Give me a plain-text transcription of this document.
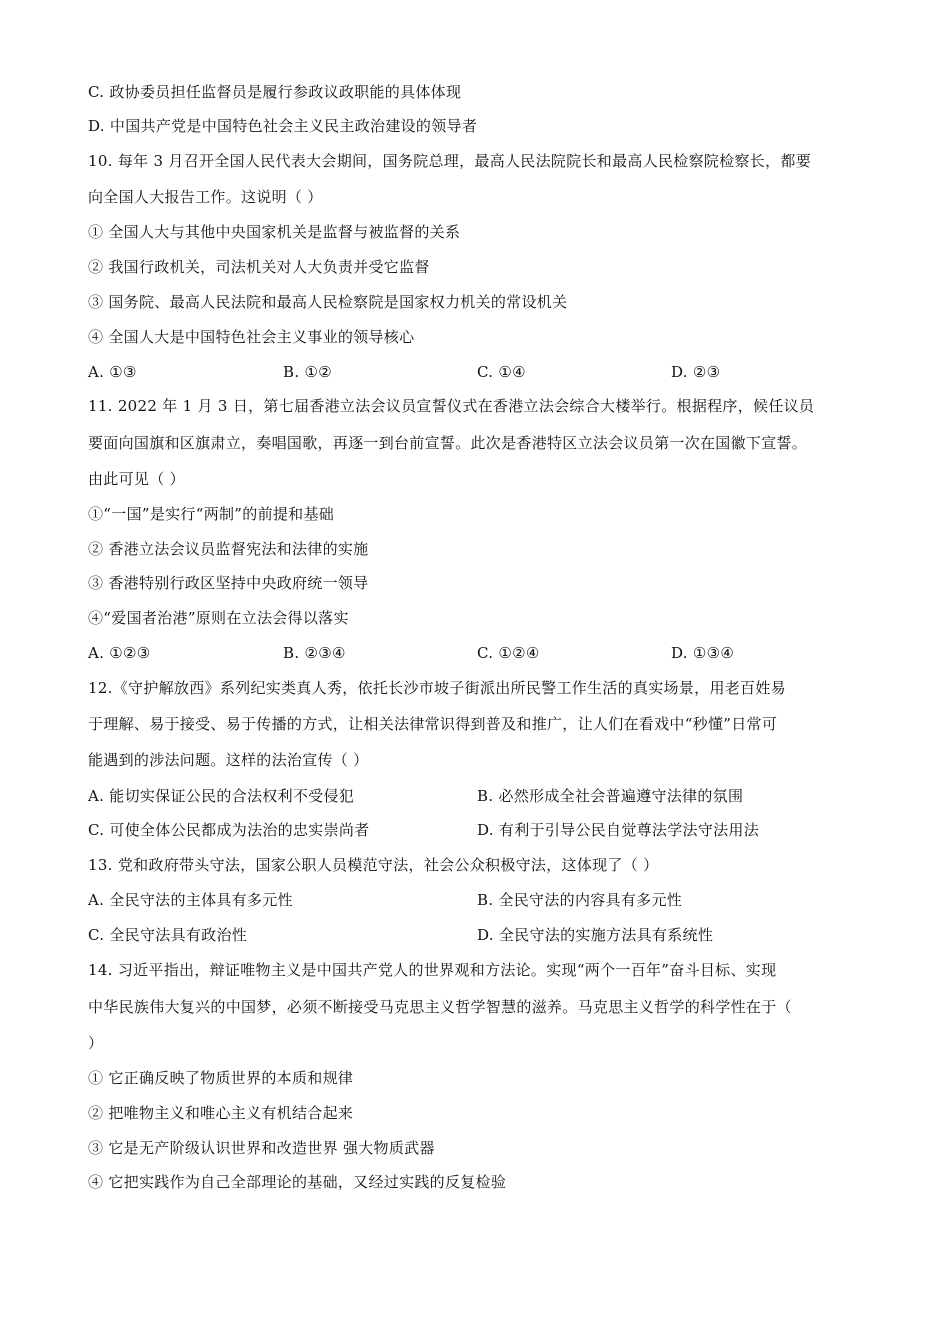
C. 政协委员担任监督员是履行参政议政职能的具体体现
D. 中国共产党是中国特色社会主义民主政治建设的领导者
10. 每年 3 月召开全国人民代表大会期间，国务院总理，最高人民法院院长和最高人民检察院检察长，都要
向全国人大报告工作。这说明（ ）
① 全国人大与其他中央国家机关是监督与被监督的关系
② 我国行政机关，司法机关对人大负责并受它监督
③ 国务院、最高人民法院和最高人民检察院是国家权力机关的常设机关
④ 全国人大是中国特色社会主义事业的领导核心
A. ①③	B. ①②	C. ①④	D. ②③
11. 2022 年 1 月 3 日，第七届香港立法会议员宣誓仪式在香港立法会综合大楼举行。根据程序，候任议员
要面向国旗和区旗肃立，奏唱国歌，再逐一到台前宣誓。此次是香港特区立法会议员第一次在国徽下宣誓。
由此可见（ ）
①“一国”是实行“两制”的前提和基础
② 香港立法会议员监督宪法和法律的实施
③ 香港特别行政区坚持中央政府统一领导
④“爱国者治港”原则在立法会得以落实
A. ①②③	B. ②③④	C. ①②④	D. ①③④
12.《守护解放西》系列纪实类真人秀，依托长沙市坡子街派出所民警工作生活的真实场景，用老百姓易
于理解、易于接受、易于传播的方式，让相关法律常识得到普及和推广，让人们在看戏中“秒懂”日常可
能遇到的涉法问题。这样的法治宣传（ ）
A. 能切实保证公民的合法权利不受侵犯	B. 必然形成全社会普遍遵守法律的氛围
C. 可使全体公民都成为法治的忠实崇尚者	D. 有利于引导公民自觉尊法学法守法用法
13. 党和政府带头守法，国家公职人员模范守法，社会公众积极守法，这体现了（ ）
A. 全民守法的主体具有多元性	B. 全民守法的内容具有多元性
C. 全民守法具有政治性	D. 全民守法的实施方法具有系统性
14. 习近平指出，辩证唯物主义是中国共产党人的世界观和方法论。实现“两个一百年”奋斗目标、实现
中华民族伟大复兴的中国梦，必须不断接受马克思主义哲学智慧的滋养。马克思主义哲学的科学性在于（
）
① 它正确反映了物质世界的本质和规律
② 把唯物主义和唯心主义有机结合起来
③ 它是无产阶级认识世界和改造世界 强大物质武器
④ 它把实践作为自己全部理论的基础，又经过实践的反复检验
